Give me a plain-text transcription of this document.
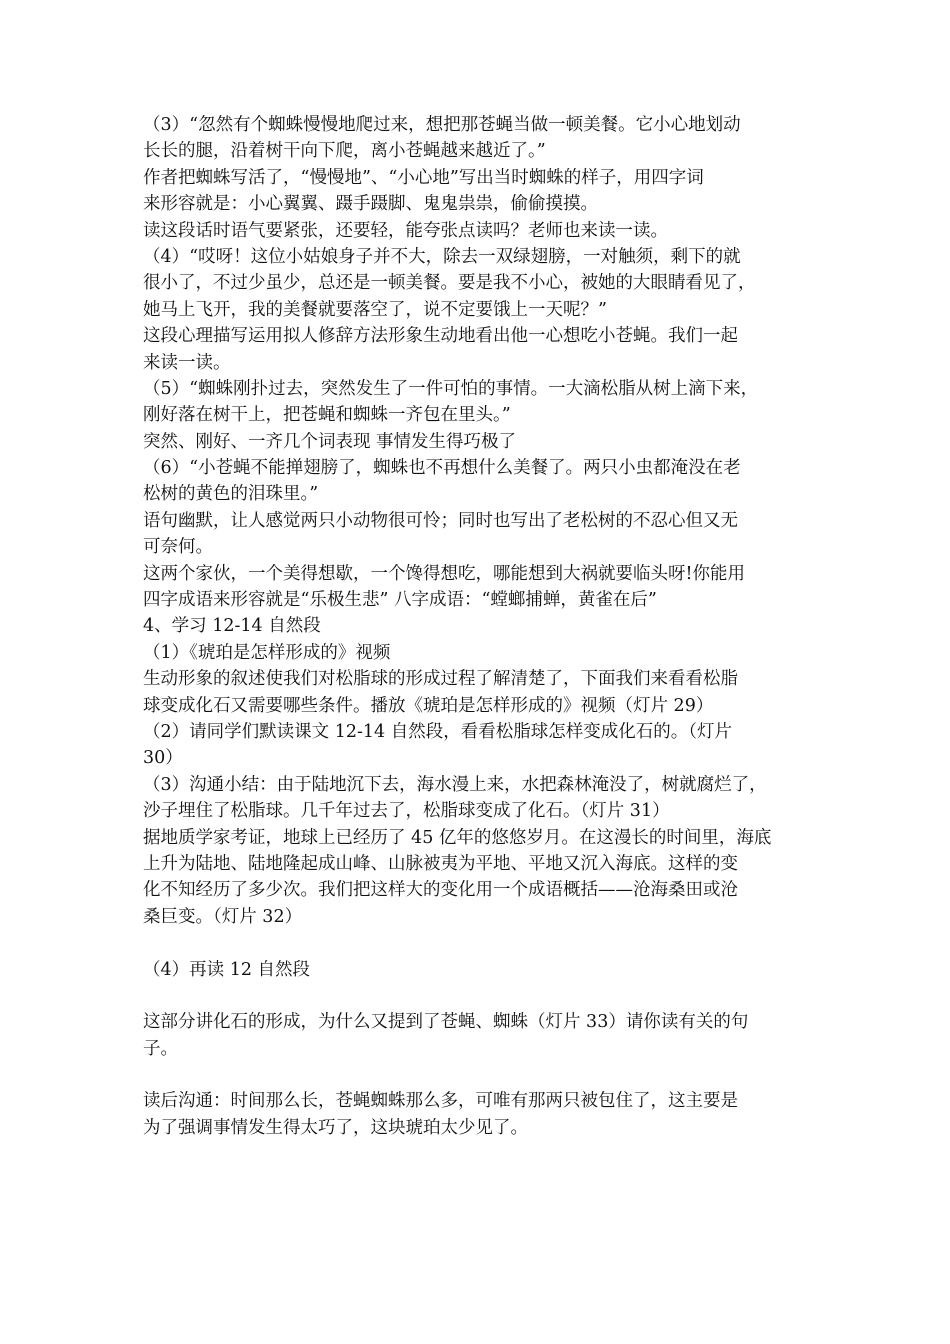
（3）“忽然有个蜘蛛慢慢地爬过来，想把那苍蝇当做一顿美餐。它小心地划动
长长的腿，沿着树干向下爬，离小苍蝇越来越近了。”
作者把蜘蛛写活了，“慢慢地”、“小心地”写出当时蜘蛛的样子，用四字词
来形容就是：小心翼翼、蹑手蹑脚、鬼鬼祟祟，偷偷摸摸。
读这段话时语气要紧张，还要轻，能夸张点读吗？老师也来读一读。
（4）“哎呀！这位小姑娘身子并不大，除去一双绿翅膀，一对触须，剩下的就
很小了，不过少虽少，总还是一顿美餐。要是我不小心，被她的大眼睛看见了，
她马上飞开，我的美餐就要落空了，说不定要饿上一天呢？”
这段心理描写运用拟人修辞方法形象生动地看出他一心想吃小苍蝇。我们一起
来读一读。
（5）“蜘蛛刚扑过去，突然发生了一件可怕的事情。一大滴松脂从树上滴下来，
刚好落在树干上，把苍蝇和蜘蛛一齐包在里头。”
突然、刚好、一齐几个词表现 事情发生得巧极了
（6）“小苍蝇不能掸翅膀了，蜘蛛也不再想什么美餐了。两只小虫都淹没在老
松树的黄色的泪珠里。”
语句幽默，让人感觉两只小动物很可怜；同时也写出了老松树的不忍心但又无
可奈何。
这两个家伙，一个美得想歇，一个馋得想吃，哪能想到大祸就要临头呀!你能用
四字成语来形容就是“乐极生悲” 八字成语：“螳螂捕蝉，黄雀在后”
4、学习 12-14 自然段
（1）《琥珀是怎样形成的》视频
生动形象的叙述使我们对松脂球的形成过程了解清楚了，下面我们来看看松脂
球变成化石又需要哪些条件。播放《琥珀是怎样形成的》视频（灯片 29）
（2）请同学们默读课文 12-14 自然段，看看松脂球怎样变成化石的。（灯片
30）
（3）沟通小结：由于陆地沉下去，海水漫上来，水把森林淹没了，树就腐烂了，
沙子埋住了松脂球。几千年过去了，松脂球变成了化石。（灯片 31）
据地质学家考证，地球上已经历了 45 亿年的悠悠岁月。在这漫长的时间里，海底
上升为陆地、陆地隆起成山峰、山脉被夷为平地、平地又沉入海底。这样的变
化不知经历了多少次。我们把这样大的变化用一个成语概括——沧海桑田或沧
桑巨变。（灯片 32）
（4）再读 12 自然段
这部分讲化石的形成，为什么又提到了苍蝇、蜘蛛（灯片 33）请你读有关的句
子。
读后沟通：时间那么长，苍蝇蜘蛛那么多，可唯有那两只被包住了，这主要是
为了强调事情发生得太巧了，这块琥珀太少见了。
